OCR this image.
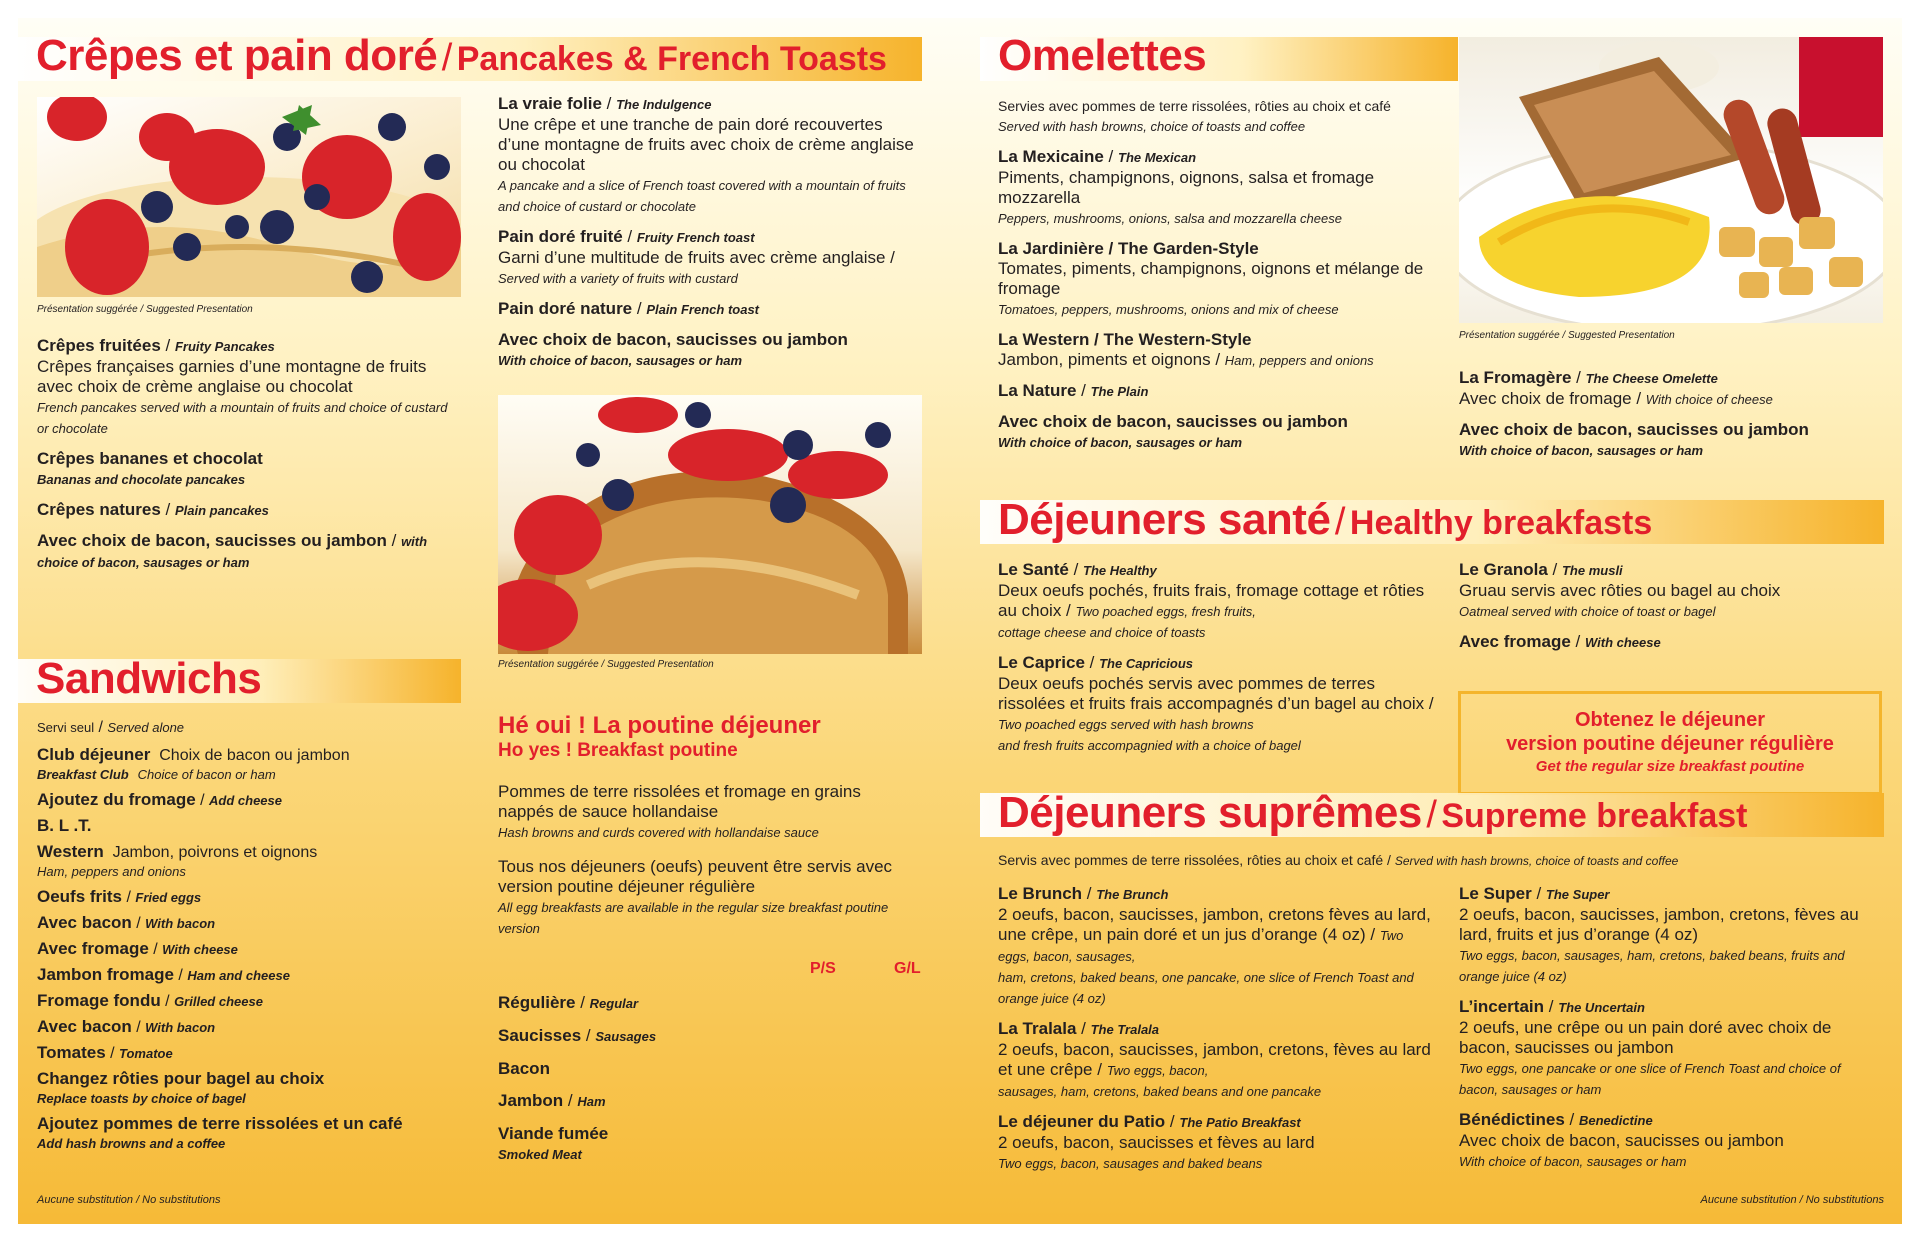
Crêpes et pain doré / Pancakes & French Toasts
Présentation suggérée / Suggested Presentation
Crêpes fruitées / Fruity Pancakes
Crêpes françaises garnies d’une montagne de fruits avec choix de crème anglaise ou chocolat
French pancakes served with a mountain of fruits and choice of custard or chocolate
Crêpes bananes et chocolat
Bananas and chocolate pancakes
Crêpes natures / Plain pancakes
Avec choix de bacon, saucisses ou jambon / with choice of bacon, sausages or ham
La vraie folie / The Indulgence
Une crêpe et une tranche de pain doré recouvertes d’une montagne de fruits avec choix de crème anglaise ou chocolat
A pancake and a slice of French toast covered with a mountain of fruits and choice of custard or chocolate
Pain doré fruité / Fruity French toast
Garni d’une multitude de fruits avec crème anglaise / Served with a variety of fruits with custard
Pain doré nature / Plain French toast
Avec choix de bacon, saucisses ou jambon
With choice of bacon, sausages or ham
Présentation suggérée / Suggested Presentation
Sandwichs
Servi seul / Served alone
Club déjeuner Choix de bacon ou jambon
Breakfast Club Choice of bacon or ham
Ajoutez du fromage / Add cheese
B. L .T.
Western Jambon, poivrons et oignons
Ham, peppers and onions
Oeufs frits / Fried eggs
Avec bacon / With bacon
Avec fromage / With cheese
Jambon fromage / Ham and cheese
Fromage fondu / Grilled cheese
Avec bacon / With bacon
Tomates / Tomatoe
Changez rôties pour bagel au choix
Replace toasts by choice of bagel
Ajoutez pommes de terre rissolées et un café
Add hash browns and a coffee
Aucune substitution / No substitutions
Hé oui ! La poutine déjeuner
Ho yes ! Breakfast poutine
Pommes de terre rissolées et fromage en grains nappés de sauce hollandaise
Hash browns and curds covered with hollandaise sauce
Tous nos déjeuners (oeufs) peuvent être servis avec version poutine déjeuner régulière
All egg breakfasts are available in the regular size breakfast poutine version
P/S	G/L
Régulière / Regular
Saucisses / Sausages
Bacon
Jambon / Ham
Viande fumée
Smoked Meat
Omelettes
Servies avec pommes de terre rissolées, rôties au choix et café
Served with hash browns, choice of toasts and coffee
La Mexicaine / The Mexican
Piments, champignons, oignons, salsa et fromage mozzarella
Peppers, mushrooms, onions, salsa and mozzarella cheese
La Jardinière / The Garden-Style
Tomates, piments, champignons, oignons et mélange de fromage
Tomatoes, peppers, mushrooms, onions and mix of cheese
La Western / The Western-Style
Jambon, piments et oignons / Ham, peppers and onions
La Nature / The Plain
Avec choix de bacon, saucisses ou jambon
With choice of bacon, sausages or ham
Présentation suggérée / Suggested Presentation
La Fromagère / The Cheese Omelette
Avec choix de fromage / With choice of cheese
Avec choix de bacon, saucisses ou jambon
With choice of bacon, sausages or ham
Déjeuners santé / Healthy breakfasts
Le Santé / The Healthy
Deux oeufs pochés, fruits frais, fromage cottage et rôties au choix / Two poached eggs, fresh fruits,
cottage cheese and choice of toasts
Le Caprice / The Capricious
Deux oeufs pochés servis avec pommes de terres rissolées et fruits frais accompagnés d’un bagel au choix / Two poached eggs served with hash browns
and fresh fruits accompagnied with a choice of bagel
Le Granola / The musli
Gruau servis avec rôties ou bagel au choix
Oatmeal served with choice of toast or bagel
Avec fromage / With cheese
Obtenez le déjeuner
version poutine déjeuner régulière
Get the regular size breakfast poutine
Déjeuners suprêmes / Supreme breakfast
Servis avec pommes de terre rissolées, rôties au choix et café / Served with hash browns, choice of toasts and coffee
Le Brunch / The Brunch
2 oeufs, bacon, saucisses, jambon, cretons fèves au lard, une crêpe, un pain doré et un jus d’orange (4 oz) / Two eggs, bacon, sausages,
ham, cretons, baked beans, one pancake, one slice of French Toast and orange juice (4 oz)
La Tralala / The Tralala
2 oeufs, bacon, saucisses, jambon, cretons, fèves au lard et une crêpe / Two eggs, bacon,
sausages, ham, cretons, baked beans and one pancake
Le déjeuner du Patio / The Patio Breakfast
2 oeufs, bacon, saucisses et fèves au lard
Two eggs, bacon, sausages and baked beans
Le Super / The Super
2 oeufs, bacon, saucisses, jambon, cretons, fèves au lard, fruits et jus d’orange (4 oz)
Two eggs, bacon, sausages, ham, cretons, baked beans, fruits and orange juice (4 oz)
L’incertain / The Uncertain
2 oeufs, une crêpe ou un pain doré avec choix de bacon, saucisses ou jambon
Two eggs, one pancake or one slice of French Toast and choice of bacon, sausages or ham
Bénédictines / Benedictine
Avec choix de bacon, saucisses ou jambon
With choice of bacon, sausages or ham
Aucune substitution / No substitutions
